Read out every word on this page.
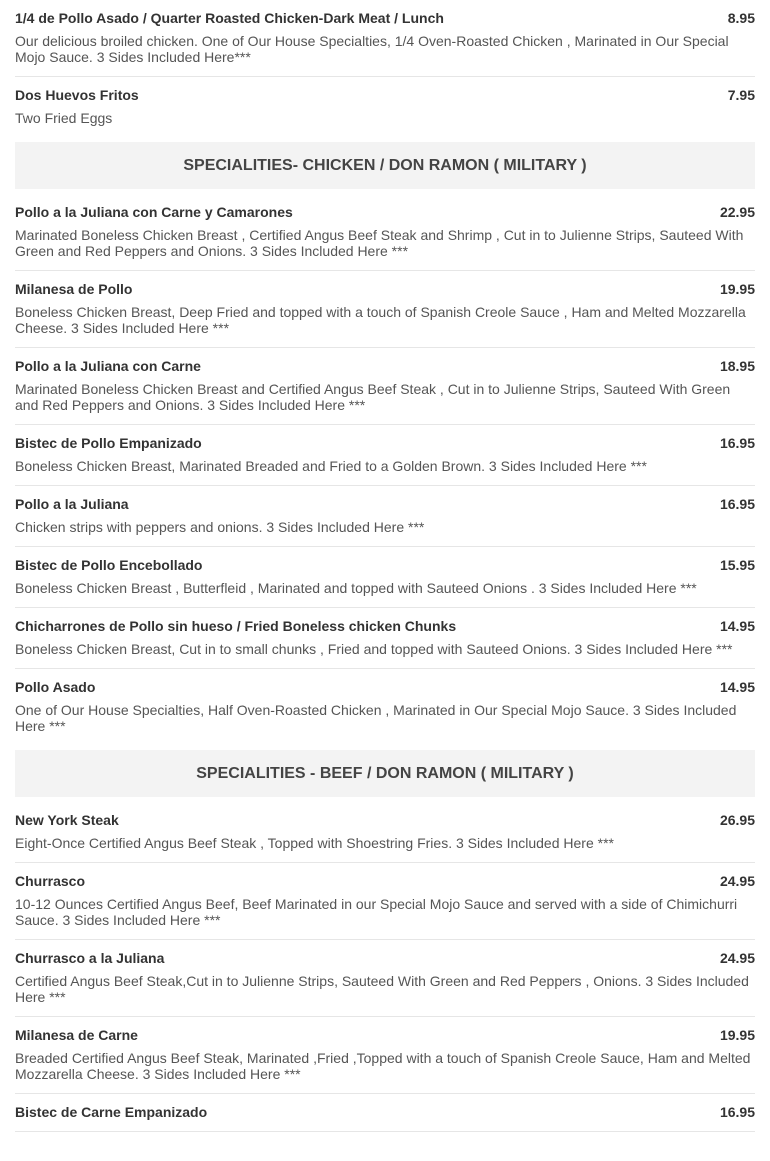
1/4 de Pollo Asado / Quarter Roasted Chicken-Dark Meat / Lunch	8.95
Our delicious broiled chicken. One of Our House Specialties, 1/4 Oven-Roasted Chicken , Marinated in Our Special Mojo Sauce. 3 Sides Included Here***
Dos Huevos Fritos	7.95
Two Fried Eggs
SPECIALITIES- CHICKEN / DON RAMON ( MILITARY )
Pollo a la Juliana con Carne y Camarones	22.95
Marinated Boneless Chicken Breast , Certified Angus Beef Steak and Shrimp , Cut in to Julienne Strips, Sauteed With Green and Red Peppers and Onions. 3 Sides Included Here ***
Milanesa de Pollo	19.95
Boneless Chicken Breast, Deep Fried and topped with a touch of Spanish Creole Sauce , Ham and Melted Mozzarella Cheese. 3 Sides Included Here ***
Pollo a la Juliana con Carne	18.95
Marinated Boneless Chicken Breast and Certified Angus Beef Steak , Cut in to Julienne Strips, Sauteed With Green and Red Peppers and Onions. 3 Sides Included Here ***
Bistec de Pollo Empanizado	16.95
Boneless Chicken Breast, Marinated Breaded and Fried to a Golden Brown. 3 Sides Included Here ***
Pollo a la Juliana	16.95
Chicken strips with peppers and onions. 3 Sides Included Here ***
Bistec de Pollo Encebollado	15.95
Boneless Chicken Breast , Butterfleid , Marinated and topped with Sauteed Onions . 3 Sides Included Here ***
Chicharrones de Pollo sin hueso / Fried Boneless chicken Chunks	14.95
Boneless Chicken Breast, Cut in to small chunks , Fried and topped with Sauteed Onions. 3 Sides Included Here ***
Pollo Asado	14.95
One of Our House Specialties, Half Oven-Roasted Chicken , Marinated in Our Special Mojo Sauce. 3 Sides Included Here ***
SPECIALITIES - BEEF / DON RAMON ( MILITARY )
New York Steak	26.95
Eight-Once Certified Angus Beef Steak , Topped with Shoestring Fries. 3 Sides Included Here ***
Churrasco	24.95
10-12 Ounces Certified Angus Beef, Beef Marinated in our Special Mojo Sauce and served with a side of Chimichurri Sauce. 3 Sides Included Here ***
Churrasco a la Juliana	24.95
Certified Angus Beef Steak,Cut in to Julienne Strips, Sauteed With Green and Red Peppers , Onions. 3 Sides Included Here ***
Milanesa de Carne	19.95
Breaded Certified Angus Beef Steak, Marinated ,Fried ,Topped with a touch of Spanish Creole Sauce, Ham and Melted Mozzarella Cheese. 3 Sides Included Here ***
Bistec de Carne Empanizado	16.95
